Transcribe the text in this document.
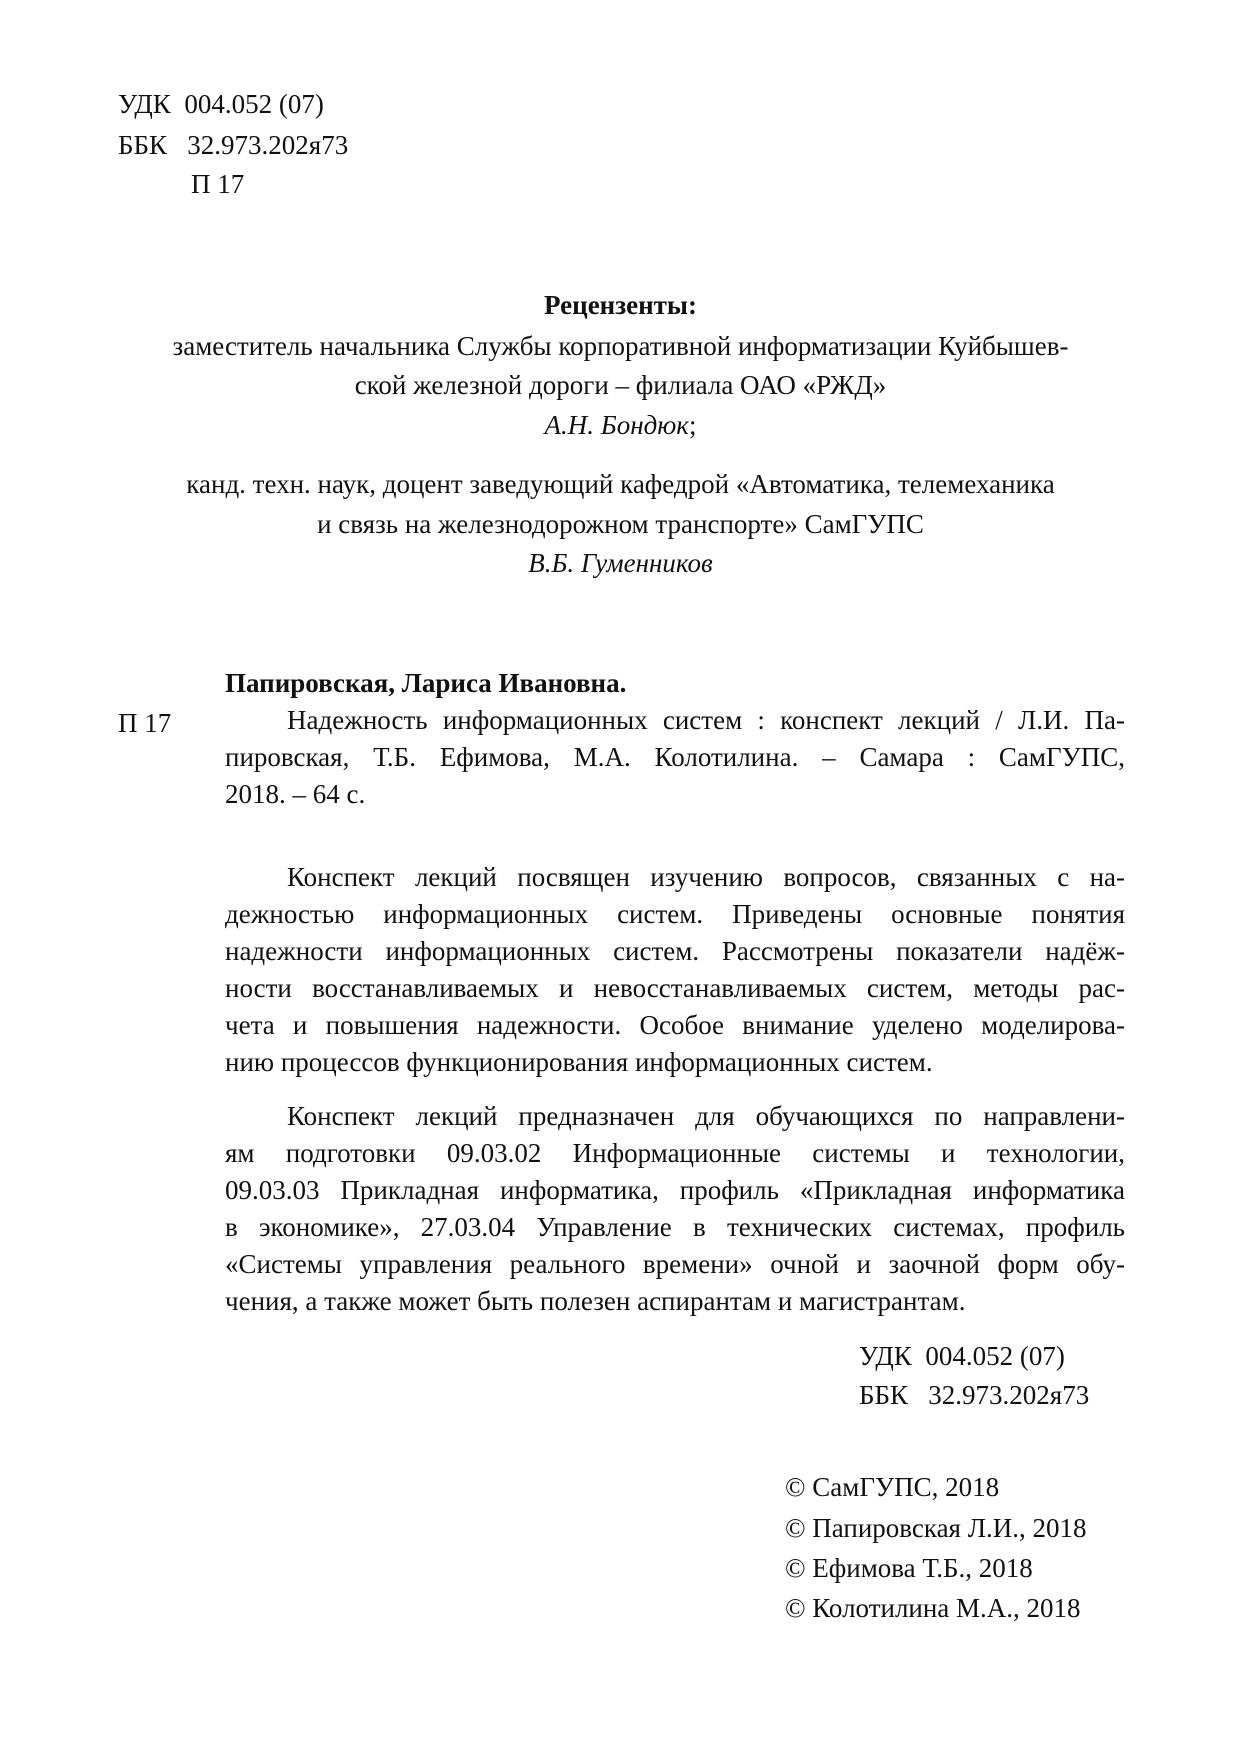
УДК 004.052 (07)
ББК 32.973.202я73
П 17
Рецензенты:
заместитель начальника Службы корпоративной информатизации Куйбышев-
ской железной дороги – филиала ОАО «РЖД»
А.Н. Бондюк;
канд. техн. наук, доцент заведующий кафедрой «Автоматика, телемеханика
и связь на железнодорожном транспорте» СамГУПС
В.Б. Гуменников
Папировская, Лариса Ивановна.
П 17	Надежность информационных систем : конспект лекций / Л.И. Па-
пировская, Т.Б. Ефимова, М.А. Колотилина. – Самара : СамГУПС,
2018. – 64 с.
Конспект лекций посвящен изучению вопросов, связанных с на-
дежностью информационных систем. Приведены основные понятия
надежности информационных систем. Рассмотрены показатели надёж-
ности восстанавливаемых и невосстанавливаемых систем, методы рас-
чета и повышения надежности. Особое внимание уделено моделирова-
нию процессов функционирования информационных систем.
Конспект лекций предназначен для обучающихся по направлени-
ям подготовки 09.03.02 Информационные системы и технологии,
09.03.03 Прикладная информатика, профиль «Прикладная информатика
в экономике», 27.03.04 Управление в технических системах, профиль
«Системы управления реального времени» очной и заочной форм обу-
чения, а также может быть полезен аспирантам и магистрантам.
УДК 004.052 (07)
ББК 32.973.202я73
© СамГУПС, 2018
© Папировская Л.И., 2018
© Ефимова Т.Б., 2018
© Колотилина М.А., 2018
